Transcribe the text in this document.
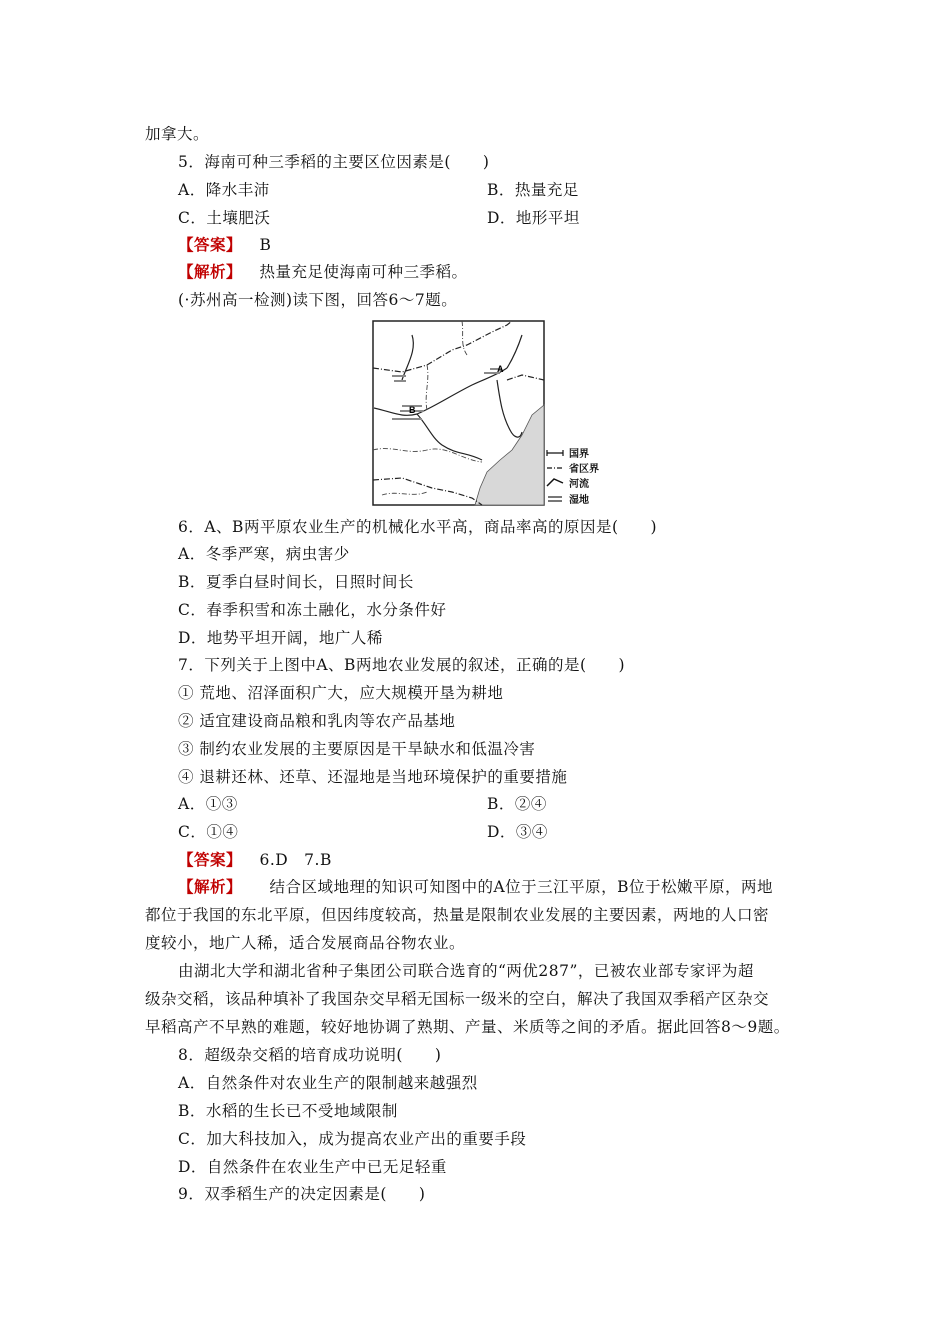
加拿大。
5．海南可种三季稻的主要区位因素是(　　)
A．降水丰沛	B．热量充足
C．土壤肥沃	D．地形平坦
【答案】 B
【解析】 热量充足使海南可种三季稻。
(·苏州高一检测)读下图，回答6～7题。
A
B
国界
省区界
河流
湿地
6．A、B两平原农业生产的机械化水平高，商品率高的原因是(　　)
A．冬季严寒，病虫害少
B．夏季白昼时间长，日照时间长
C．春季积雪和冻土融化，水分条件好
D．地势平坦开阔，地广人稀
7．下列关于上图中A、B两地农业发展的叙述，正确的是(　　)
① 荒地、沼泽面积广大，应大规模开垦为耕地
② 适宜建设商品粮和乳肉等农产品基地
③ 制约农业发展的主要原因是干旱缺水和低温冷害
④ 退耕还林、还草、还湿地是当地环境保护的重要措施
A．①③	B．②④
C．①④	D．③④
【答案】 6.D　7.B
【解析】 结合区域地理的知识可知图中的A位于三江平原，B位于松嫩平原，两地
都位于我国的东北平原，但因纬度较高，热量是限制农业发展的主要因素，两地的人口密
度较小，地广人稀，适合发展商品谷物农业。
由湖北大学和湖北省种子集团公司联合选育的“两优287”，已被农业部专家评为超
级杂交稻，该品种填补了我国杂交早稻无国标一级米的空白，解决了我国双季稻产区杂交
早稻高产不早熟的难题，较好地协调了熟期、产量、米质等之间的矛盾。据此回答8～9题。
8．超级杂交稻的培育成功说明(　　)
A．自然条件对农业生产的限制越来越强烈
B．水稻的生长已不受地域限制
C．加大科技加入，成为提高农业产出的重要手段
D．自然条件在农业生产中已无足轻重
9．双季稻生产的决定因素是(　　)
